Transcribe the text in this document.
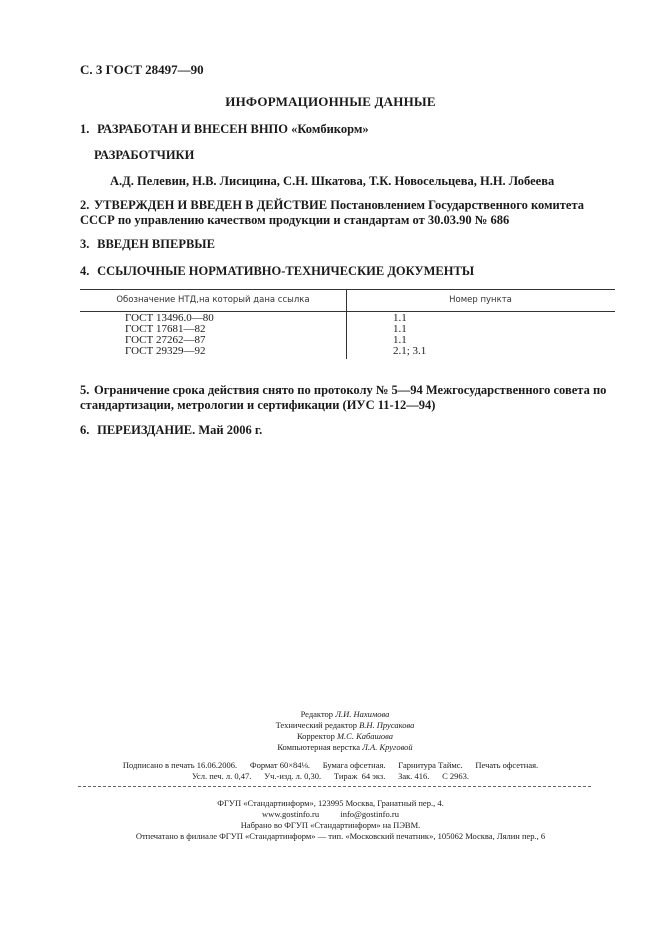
С. 3 ГОСТ 28497—90
ИНФОРМАЦИОННЫЕ ДАННЫЕ
1. РАЗРАБОТАН И ВНЕСЕН ВНПО «Комбикорм»
РАЗРАБОТЧИКИ
А.Д. Пелевин, Н.В. Лисицина, С.Н. Шкатова, Т.К. Новосельцева, Н.Н. Лобеева
2. УТВЕРЖДЕН И ВВЕДЕН В ДЕЙСТВИЕ Постановлением Государственного комитета СССР по управлению качеством продукции и стандартам от 30.03.90 № 686
3. ВВЕДЕН ВПЕРВЫЕ
4. ССЫЛОЧНЫЕ НОРМАТИВНО-ТЕХНИЧЕСКИЕ ДОКУМЕНТЫ
Обозначение НТД,на который дана ссылка	Номер пункта
ГОСТ 13496.0—80	1.1
ГОСТ 17681—82	1.1
ГОСТ 27262—87	1.1
ГОСТ 29329—92	2.1; 3.1
5. Ограничение срока действия снято по протоколу № 5—94 Межгосударственного совета по стандартизации, метрологии и сертификации (ИУС 11-12—94)
6. ПЕРЕИЗДАНИЕ. Май 2006 г.
Редактор Л.И. Нахимова
Технический редактор В.Н. Прусакова
Корректор М.С. Кабашова
Компьютерная верстка Л.А. Круговой
Подписано в печать 16.06.2006.      Формат 60×84⅛.      Бумага офсетная.      Гарнитура Таймс.      Печать офсетная.
Усл. печ. л. 0,47.      Уч.-изд. л. 0,30.      Тираж  64 экз.      Зак. 416.      С 2963.
ФГУП «Стандартинформ», 123995 Москва, Гранатный пер., 4.
www.gostinfo.ru          info@gostinfo.ru
Набрано во ФГУП «Стандартинформ» на ПЭВМ.
Отпечатано в филиале ФГУП «Стандартинформ» — тип. «Московский печатник», 105062 Москва, Лялин пер., 6
